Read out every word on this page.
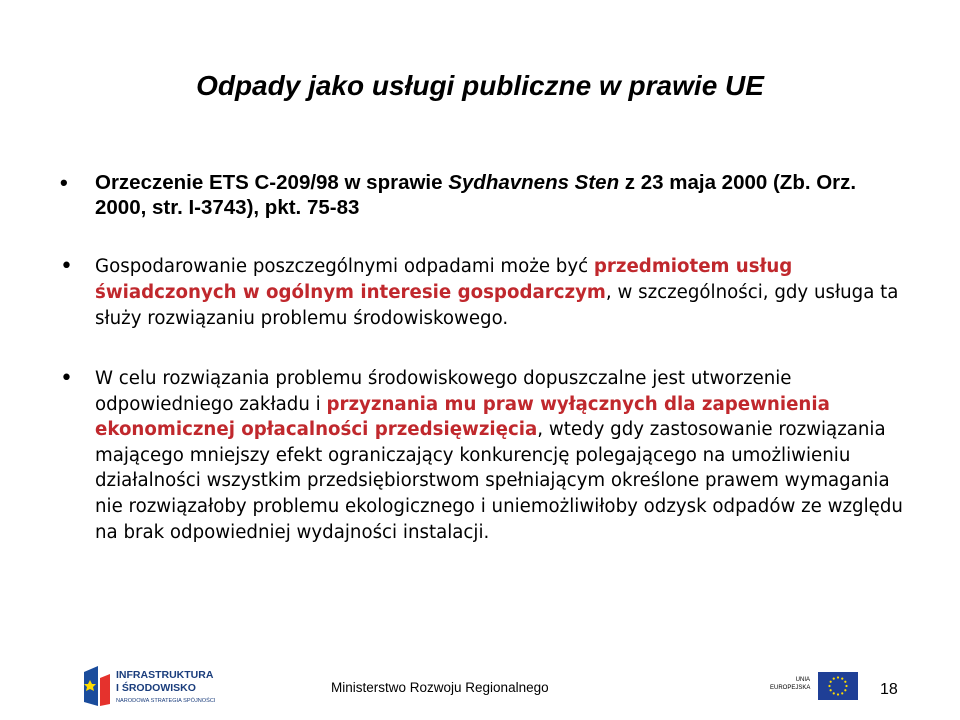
Odpady jako usługi publiczne w prawie UE
• Orzeczenie ETS C-209/98 w sprawie Sydhavnens Sten z 23 maja 2000 (Zb. Orz. 2000, str. I-3743), pkt. 75-83
• Gospodarowanie poszczególnymi odpadami może być przedmiotem usług świadczonych w ogólnym interesie gospodarczym, w szczególności, gdy usługa ta służy rozwiązaniu problemu środowiskowego.
• W celu rozwiązania problemu środowiskowego dopuszczalne jest utworzenie odpowiedniego zakładu i przyznania mu praw wyłącznych dla zapewnienia ekonomicznej opłacalności przedsięwzięcia, wtedy gdy zastosowanie rozwiązania mającego mniejszy efekt ograniczający konkurencję polegającego na umożliwieniu działalności wszystkim przedsiębiorstwom spełniającym określone prawem wymagania nie rozwiązałoby problemu ekologicznego i uniemożliwiłoby odzysk odpadów ze względu na brak odpowiedniej wydajności instalacji.
INFRASTRUKTURA
I ŚRODOWISKO
NARODOWA STRATEGIA SPÓJNOŚCI
Ministerstwo Rozwoju Regionalnego	UNIA
EUROPEJSKA	18
